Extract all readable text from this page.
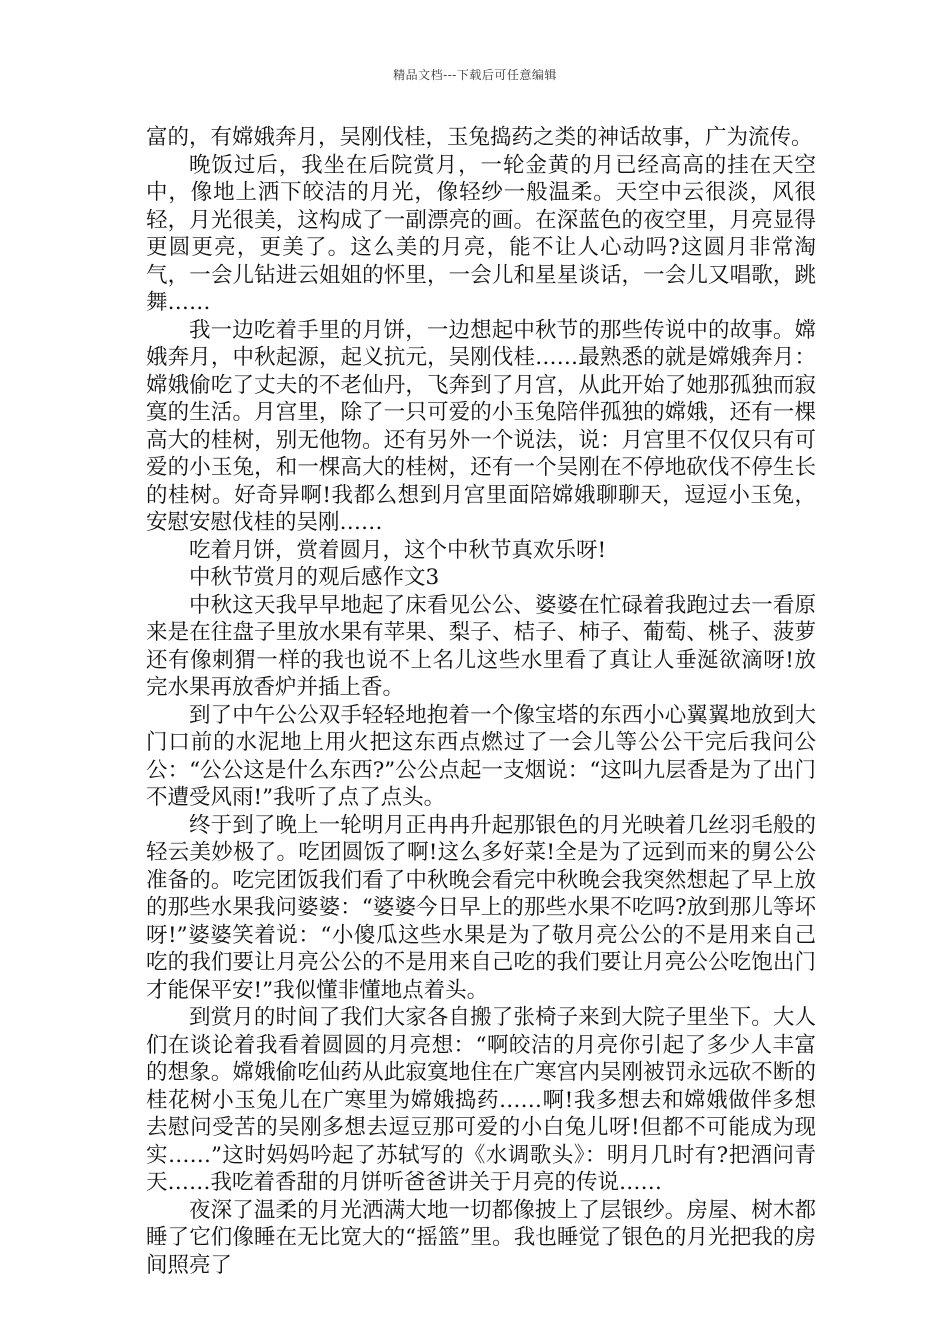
精品文档---下载后可任意编辑

富的，有嫦娥奔月，吴刚伐桂，玉兔捣药之类的神话故事，广为流传。

晚饭过后，我坐在后院赏月，一轮金黄的月已经高高的挂在天空中，像地上洒下皎洁的月光，像轻纱一般温柔。天空中云很淡，风很轻，月光很美，这构成了一副漂亮的画。在深蓝色的夜空里，月亮显得更圆更亮，更美了。这么美的月亮，能不让人心动吗?这圆月非常淘气，一会儿钻进云姐姐的怀里，一会儿和星星谈话，一会儿又唱歌，跳舞……

我一边吃着手里的月饼，一边想起中秋节的那些传说中的故事。嫦娥奔月，中秋起源，起义抗元，吴刚伐桂……最熟悉的就是嫦娥奔月：嫦娥偷吃了丈夫的不老仙丹，飞奔到了月宫，从此开始了她那孤独而寂寞的生活。月宫里，除了一只可爱的小玉兔陪伴孤独的嫦娥，还有一棵高大的桂树，别无他物。还有另外一个说法，说：月宫里不仅仅只有可爱的小玉兔，和一棵高大的桂树，还有一个吴刚在不停地砍伐不停生长的桂树。好奇异啊!我都么想到月宫里面陪嫦娥聊聊天，逗逗小玉兔，安慰安慰伐桂的吴刚……

吃着月饼，赏着圆月，这个中秋节真欢乐呀!

中秋节赏月的观后感作文3

中秋这天我早早地起了床看见公公、婆婆在忙碌着我跑过去一看原来是在往盘子里放水果有苹果、梨子、桔子、柿子、葡萄、桃子、菠萝还有像刺猬一样的我也说不上名儿这些水里看了真让人垂涎欲滴呀!放完水果再放香炉并插上香。

到了中午公公双手轻轻地抱着一个像宝塔的东西小心翼翼地放到大门口前的水泥地上用火把这东西点燃过了一会儿等公公干完后我问公公：“公公这是什么东西?”公公点起一支烟说：“这叫九层香是为了出门不遭受风雨!”我听了点了点头。

终于到了晚上一轮明月正冉冉升起那银色的月光映着几丝羽毛般的轻云美妙极了。吃团圆饭了啊!这么多好菜!全是为了远到而来的舅公公准备的。吃完团饭我们看了中秋晚会看完中秋晚会我突然想起了早上放的那些水果我问婆婆：“婆婆今日早上的那些水果不吃吗?放到那儿等坏呀!”婆婆笑着说：“小傻瓜这些水果是为了敬月亮公公的不是用来自己吃的我们要让月亮公公的不是用来自己吃的我们要让月亮公公吃饱出门才能保平安!”我似懂非懂地点着头。

到赏月的时间了我们大家各自搬了张椅子来到大院子里坐下。大人们在谈论着我看着圆圆的月亮想：“啊皎洁的月亮你引起了多少人丰富的想象。嫦娥偷吃仙药从此寂寞地住在广寒宫内吴刚被罚永远砍不断的桂花树小玉兔儿在广寒里为嫦娥捣药……啊!我多想去和嫦娥做伴多想去慰问受苦的吴刚多想去逗豆那可爱的小白兔儿呀!但都不可能成为现实……”这时妈妈吟起了苏轼写的《水调歌头》：明月几时有?把酒问青天……我吃着香甜的月饼听爸爸讲关于月亮的传说……

夜深了温柔的月光洒满大地一切都像披上了层银纱。房屋、树木都睡了它们像睡在无比宽大的“摇篮”里。我也睡觉了银色的月光把我的房间照亮了
